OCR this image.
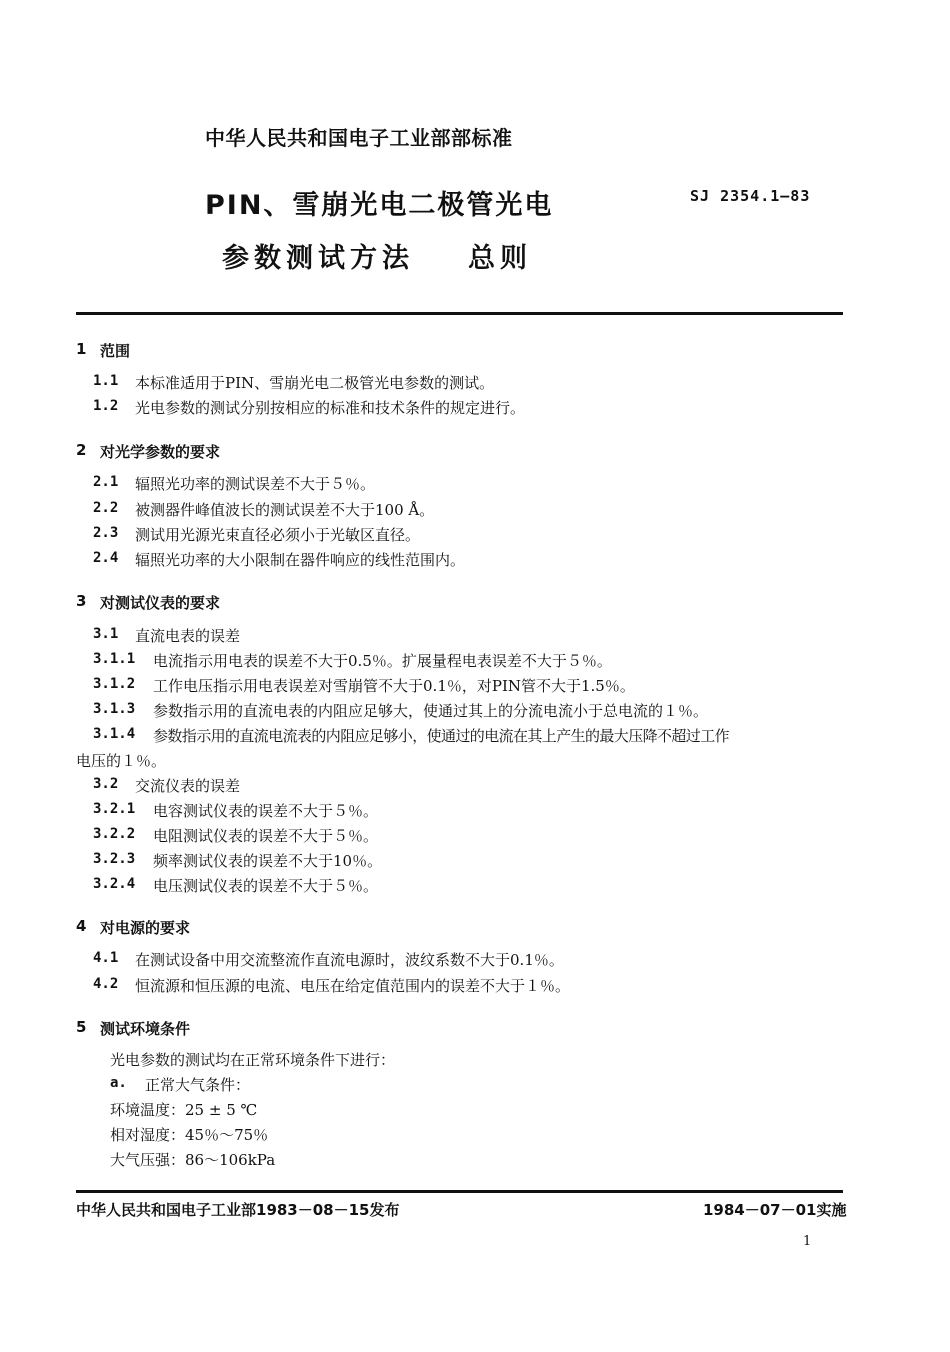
中华人民共和国电子工业部部标准
PIN、雪崩光电二极管光电
参数测试方法 总则
SJ 2354.1—83
1 范围
1.1 本标准适用于PIN、雪崩光电二极管光电参数的测试。
1.2 光电参数的测试分别按相应的标准和技术条件的规定进行。
2 对光学参数的要求
2.1 辐照光功率的测试误差不大于５％。
2.2 被测器件峰值波长的测试误差不大于100 Å。
2.3 测试用光源光束直径必须小于光敏区直径。
2.4 辐照光功率的大小限制在器件响应的线性范围内。
3 对测试仪表的要求
3.1 直流电表的误差
3.1.1 电流指示用电表的误差不大于0.5％。扩展量程电表误差不大于５％。
3.1.2 工作电压指示用电表误差对雪崩管不大于0.1％，对PIN管不大于1.5％。
3.1.3 参数指示用的直流电表的内阻应足够大，使通过其上的分流电流小于总电流的１％。
3.1.4 参数指示用的直流电流表的内阻应足够小，使通过的电流在其上产生的最大压降不超过工作
电压的１％。
3.2 交流仪表的误差
3.2.1 电容测试仪表的误差不大于５％。
3.2.2 电阻测试仪表的误差不大于５％。
3.2.3 频率测试仪表的误差不大于10％。
3.2.4 电压测试仪表的误差不大于５％。
4 对电源的要求
4.1 在测试设备中用交流整流作直流电源时，波纹系数不大于0.1％。
4.2 恒流源和恒压源的电流、电压在给定值范围内的误差不大于１％。
5 测试环境条件
光电参数的测试均在正常环境条件下进行：
a. 正常大气条件：
环境温度：25 ± 5 ℃
相对湿度：45％～75％
大气压强：86～106kPa
中华人民共和国电子工业部1983－08－15发布	1984－07－01实施
1
